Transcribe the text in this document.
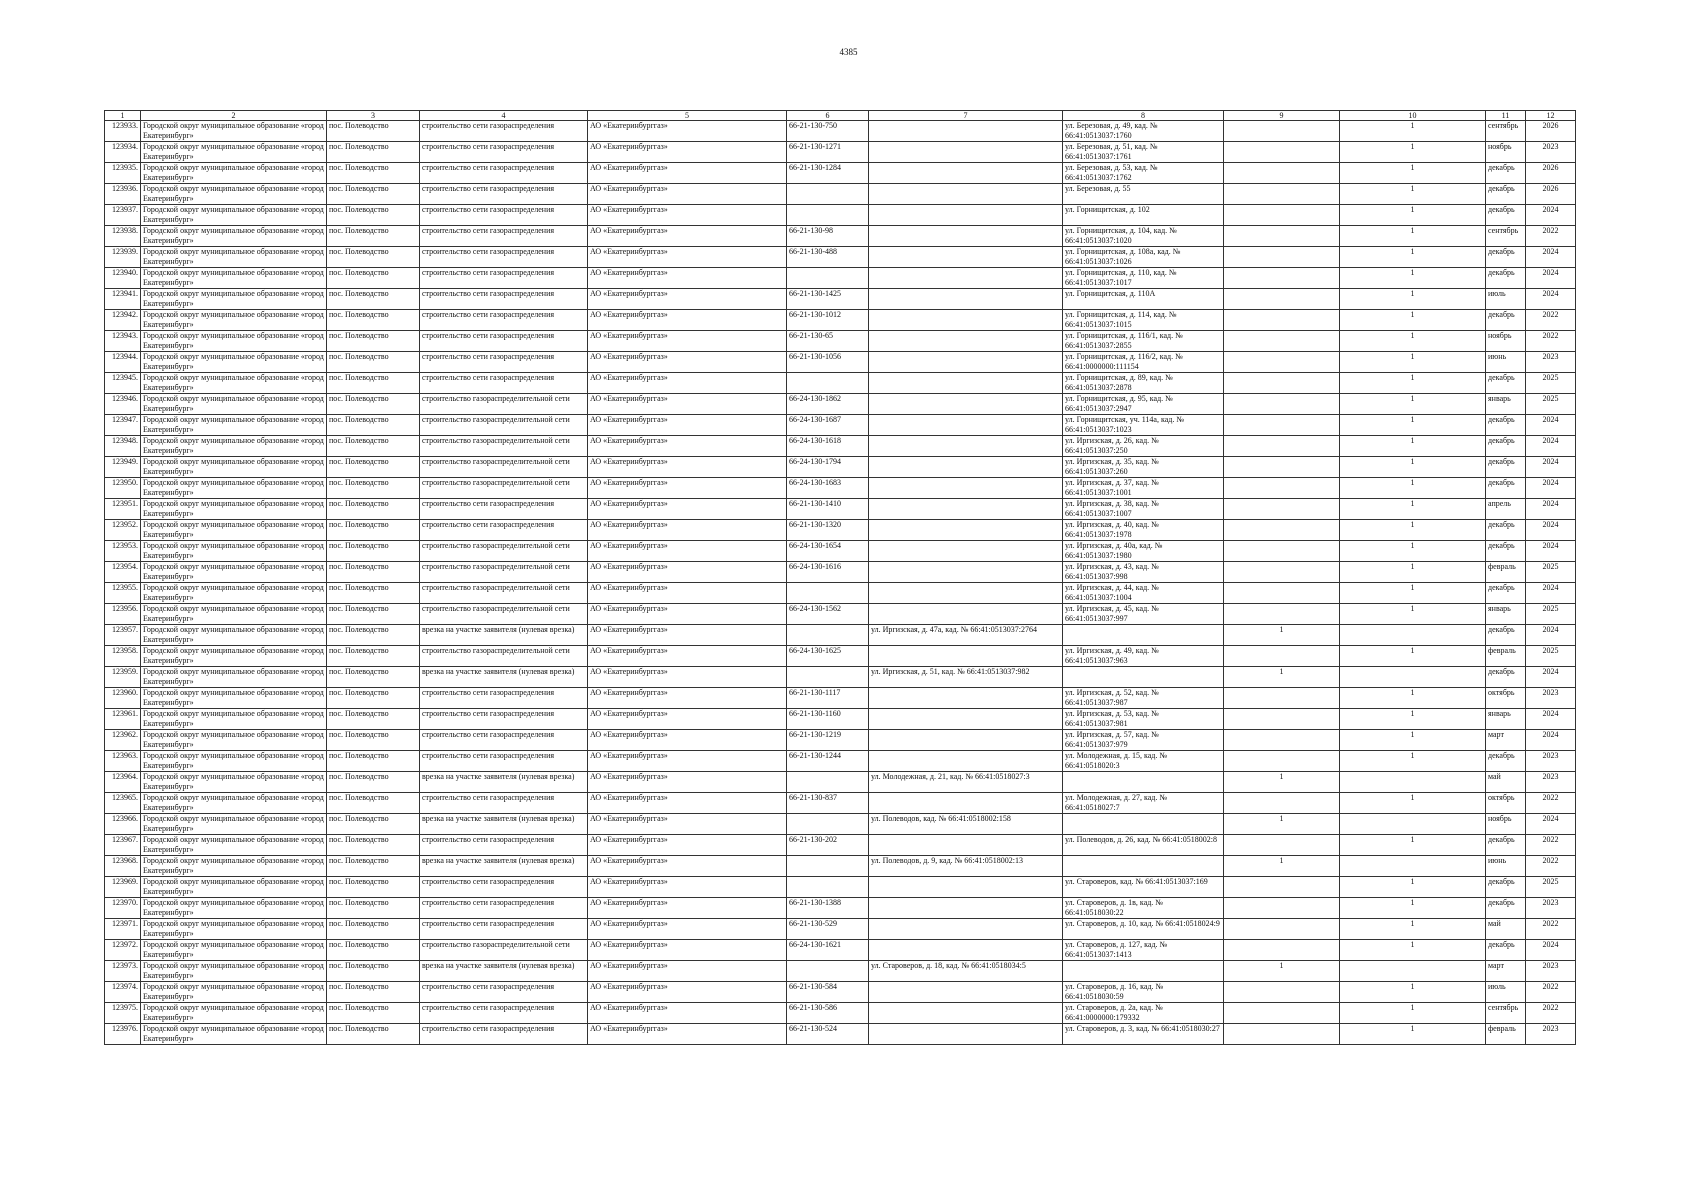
4385
1	2	3	4	5	6	7	8	9	10	11	12
123933.	Городской округ муниципальное образование «город Екатеринбург»	пос. Полеводство	строительство сети газораспределения	АО «Екатеринбурггаз»	66-21-130-750		ул. Березовая, д. 49, кад. № 66:41:0513037:1760		1	сентябрь	2026
123934.	Городской округ муниципальное образование «город Екатеринбург»	пос. Полеводство	строительство сети газораспределения	АО «Екатеринбурггаз»	66-21-130-1271		ул. Березовая, д. 51, кад. № 66:41:0513037:1761		1	ноябрь	2023
123935.	Городской округ муниципальное образование «город Екатеринбург»	пос. Полеводство	строительство сети газораспределения	АО «Екатеринбурггаз»	66-21-130-1284		ул. Березовая, д. 53, кад. № 66:41:0513037:1762		1	декабрь	2026
123936.	Городской округ муниципальное образование «город Екатеринбург»	пос. Полеводство	строительство сети газораспределения	АО «Екатеринбурггаз»			ул. Березовая, д. 55		1	декабрь	2026
123937.	Городской округ муниципальное образование «город Екатеринбург»	пос. Полеводство	строительство сети газораспределения	АО «Екатеринбурггаз»			ул. Горнищитская, д. 102		1	декабрь	2024
123938.	Городской округ муниципальное образование «город Екатеринбург»	пос. Полеводство	строительство сети газораспределения	АО «Екатеринбурггаз»	66-21-130-98		ул. Горнищитская, д. 104, кад. № 66:41:0513037:1020		1	сентябрь	2022
123939.	Городской округ муниципальное образование «город Екатеринбург»	пос. Полеводство	строительство сети газораспределения	АО «Екатеринбурггаз»	66-21-130-488		ул. Горнищитская, д. 108а, кад. № 66:41:0513037:1026		1	декабрь	2024
123940.	Городской округ муниципальное образование «город Екатеринбург»	пос. Полеводство	строительство сети газораспределения	АО «Екатеринбурггаз»			ул. Горнищитская, д. 110, кад. № 66:41:0513037:1017		1	декабрь	2024
123941.	Городской округ муниципальное образование «город Екатеринбург»	пос. Полеводство	строительство сети газораспределения	АО «Екатеринбурггаз»	66-21-130-1425		ул. Горнищитская, д. 110А		1	июль	2024
123942.	Городской округ муниципальное образование «город Екатеринбург»	пос. Полеводство	строительство сети газораспределения	АО «Екатеринбурггаз»	66-21-130-1012		ул. Горнищитская, д. 114, кад. № 66:41:0513037:1015		1	декабрь	2022
123943.	Городской округ муниципальное образование «город Екатеринбург»	пос. Полеводство	строительство сети газораспределения	АО «Екатеринбурггаз»	66-21-130-65		ул. Горнищитская, д. 116/1, кад. № 66:41:0513037:2855		1	ноябрь	2022
123944.	Городской округ муниципальное образование «город Екатеринбург»	пос. Полеводство	строительство сети газораспределения	АО «Екатеринбурггаз»	66-21-130-1056		ул. Горнищитская, д. 116/2, кад. № 66:41:0000000:111154		1	июнь	2023
123945.	Городской округ муниципальное образование «город Екатеринбург»	пос. Полеводство	строительство сети газораспределения	АО «Екатеринбурггаз»			ул. Горнищитская, д. 89, кад. № 66:41:0513037:2878		1	декабрь	2025
123946.	Городской округ муниципальное образование «город Екатеринбург»	пос. Полеводство	строительство газораспределительной сети	АО «Екатеринбурггаз»	66-24-130-1862		ул. Горнищитская, д. 95, кад. № 66:41:0513037:2947		1	январь	2025
123947.	Городской округ муниципальное образование «город Екатеринбург»	пос. Полеводство	строительство газораспределительной сети	АО «Екатеринбурггаз»	66-24-130-1687		ул. Горнищитская, уч. 114а, кад. № 66:41:0513037:1023		1	декабрь	2024
123948.	Городской округ муниципальное образование «город Екатеринбург»	пос. Полеводство	строительство газораспределительной сети	АО «Екатеринбурггаз»	66-24-130-1618		ул. Иргизская, д. 26, кад. № 66:41:0513037:250		1	декабрь	2024
123949.	Городской округ муниципальное образование «город Екатеринбург»	пос. Полеводство	строительство газораспределительной сети	АО «Екатеринбурггаз»	66-24-130-1794		ул. Иргизская, д. 35, кад. № 66:41:0513037:260		1	декабрь	2024
123950.	Городской округ муниципальное образование «город Екатеринбург»	пос. Полеводство	строительство газораспределительной сети	АО «Екатеринбурггаз»	66-24-130-1683		ул. Иргизская, д. 37, кад. № 66:41:0513037:1001		1	декабрь	2024
123951.	Городской округ муниципальное образование «город Екатеринбург»	пос. Полеводство	строительство сети газораспределения	АО «Екатеринбурггаз»	66-21-130-1410		ул. Иргизская, д. 38, кад. № 66:41:0513037:1007		1	апрель	2024
123952.	Городской округ муниципальное образование «город Екатеринбург»	пос. Полеводство	строительство сети газораспределения	АО «Екатеринбурггаз»	66-21-130-1320		ул. Иргизская, д. 40, кад. № 66:41:0513037:1978		1	декабрь	2024
123953.	Городской округ муниципальное образование «город Екатеринбург»	пос. Полеводство	строительство газораспределительной сети	АО «Екатеринбурггаз»	66-24-130-1654		ул. Иргизская, д. 40а, кад. № 66:41:0513037:1980		1	декабрь	2024
123954.	Городской округ муниципальное образование «город Екатеринбург»	пос. Полеводство	строительство газораспределительной сети	АО «Екатеринбурггаз»	66-24-130-1616		ул. Иргизская, д. 43, кад. № 66:41:0513037:998		1	февраль	2025
123955.	Городской округ муниципальное образование «город Екатеринбург»	пос. Полеводство	строительство газораспределительной сети	АО «Екатеринбурггаз»			ул. Иргизская, д. 44, кад. № 66:41:0513037:1004		1	декабрь	2024
123956.	Городской округ муниципальное образование «город Екатеринбург»	пос. Полеводство	строительство газораспределительной сети	АО «Екатеринбурггаз»	66-24-130-1562		ул. Иргизская, д. 45, кад. № 66:41:0513037:997		1	январь	2025
123957.	Городской округ муниципальное образование «город Екатеринбург»	пос. Полеводство	врезка на участке заявителя (нулевая врезка)	АО «Екатеринбурггаз»		ул. Иргизская, д. 47а, кад. № 66:41:0513037:2764		1		декабрь	2024
123958.	Городской округ муниципальное образование «город Екатеринбург»	пос. Полеводство	строительство газораспределительной сети	АО «Екатеринбурггаз»	66-24-130-1625		ул. Иргизская, д. 49, кад. № 66:41:0513037:963		1	февраль	2025
123959.	Городской округ муниципальное образование «город Екатеринбург»	пос. Полеводство	врезка на участке заявителя (нулевая врезка)	АО «Екатеринбурггаз»		ул. Иргизская, д. 51, кад. № 66:41:0513037:982		1		декабрь	2024
123960.	Городской округ муниципальное образование «город Екатеринбург»	пос. Полеводство	строительство сети газораспределения	АО «Екатеринбурггаз»	66-21-130-1117		ул. Иргизская, д. 52, кад. № 66:41:0513037:987		1	октябрь	2023
123961.	Городской округ муниципальное образование «город Екатеринбург»	пос. Полеводство	строительство сети газораспределения	АО «Екатеринбурггаз»	66-21-130-1160		ул. Иргизская, д. 53, кад. № 66:41:0513037:981		1	январь	2024
123962.	Городской округ муниципальное образование «город Екатеринбург»	пос. Полеводство	строительство сети газораспределения	АО «Екатеринбурггаз»	66-21-130-1219		ул. Иргизская, д. 57, кад. № 66:41:0513037:979		1	март	2024
123963.	Городской округ муниципальное образование «город Екатеринбург»	пос. Полеводство	строительство сети газораспределения	АО «Екатеринбурггаз»	66-21-130-1244		ул. Молодежная, д. 15, кад. № 66:41:0518020:3		1	декабрь	2023
123964.	Городской округ муниципальное образование «город Екатеринбург»	пос. Полеводство	врезка на участке заявителя (нулевая врезка)	АО «Екатеринбурггаз»		ул. Молодежная, д. 21, кад. № 66:41:0518027:3		1		май	2023
123965.	Городской округ муниципальное образование «город Екатеринбург»	пос. Полеводство	строительство сети газораспределения	АО «Екатеринбурггаз»	66-21-130-837		ул. Молодежная, д. 27, кад. № 66:41:0518027:7		1	октябрь	2022
123966.	Городской округ муниципальное образование «город Екатеринбург»	пос. Полеводство	врезка на участке заявителя (нулевая врезка)	АО «Екатеринбурггаз»		ул. Полеводов, кад. № 66:41:0518002:158		1		ноябрь	2024
123967.	Городской округ муниципальное образование «город Екатеринбург»	пос. Полеводство	строительство сети газораспределения	АО «Екатеринбурггаз»	66-21-130-202		ул. Полеводов, д. 26, кад. № 66:41:0518002:8		1	декабрь	2022
123968.	Городской округ муниципальное образование «город Екатеринбург»	пос. Полеводство	врезка на участке заявителя (нулевая врезка)	АО «Екатеринбурггаз»		ул. Полеводов, д. 9, кад. № 66:41:0518002:13		1		июнь	2022
123969.	Городской округ муниципальное образование «город Екатеринбург»	пос. Полеводство	строительство сети газораспределения	АО «Екатеринбурггаз»			ул. Староверов, кад. № 66:41:0513037:169		1	декабрь	2025
123970.	Городской округ муниципальное образование «город Екатеринбург»	пос. Полеводство	строительство сети газораспределения	АО «Екатеринбурггаз»	66-21-130-1388		ул. Староверов, д. 1в, кад. № 66:41:0518030:22		1	декабрь	2023
123971.	Городской округ муниципальное образование «город Екатеринбург»	пос. Полеводство	строительство сети газораспределения	АО «Екатеринбурггаз»	66-21-130-529		ул. Староверов, д. 10, кад. № 66:41:0518024:9		1	май	2022
123972.	Городской округ муниципальное образование «город Екатеринбург»	пос. Полеводство	строительство газораспределительной сети	АО «Екатеринбурггаз»	66-24-130-1621		ул. Староверов, д. 127, кад. № 66:41:0513037:1413		1	декабрь	2024
123973.	Городской округ муниципальное образование «город Екатеринбург»	пос. Полеводство	врезка на участке заявителя (нулевая врезка)	АО «Екатеринбурггаз»		ул. Староверов, д. 18, кад. № 66:41:0518034:5		1		март	2023
123974.	Городской округ муниципальное образование «город Екатеринбург»	пос. Полеводство	строительство сети газораспределения	АО «Екатеринбурггаз»	66-21-130-584		ул. Староверов, д. 16, кад. № 66:41:0518030:59		1	июль	2022
123975.	Городской округ муниципальное образование «город Екатеринбург»	пос. Полеводство	строительство сети газораспределения	АО «Екатеринбурггаз»	66-21-130-586		ул. Староверов, д. 2а, кад. № 66:41:0000000:179332		1	сентябрь	2022
123976.	Городской округ муниципальное образование «город Екатеринбург»	пос. Полеводство	строительство сети газораспределения	АО «Екатеринбурггаз»	66-21-130-524		ул. Староверов, д. 3, кад. № 66:41:0518030:27		1	февраль	2023
